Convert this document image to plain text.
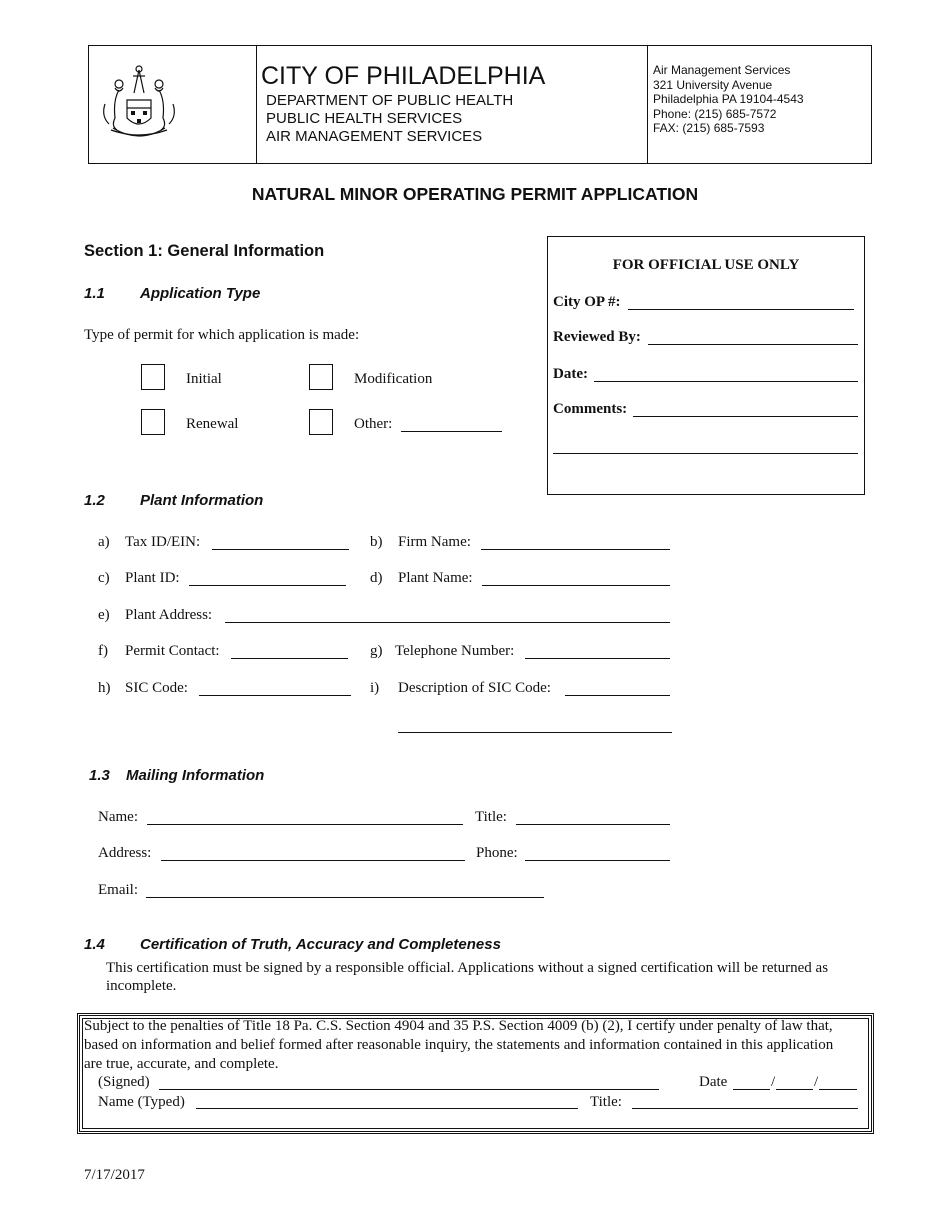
CITY OF PHILADELPHIA
DEPARTMENT OF PUBLIC HEALTH
PUBLIC HEALTH SERVICES
AIR MANAGEMENT SERVICES
Air Management Services
321 University Avenue
Philadelphia PA 19104-4543
Phone: (215) 685-7572
FAX: (215) 685-7593
NATURAL MINOR OPERATING PERMIT APPLICATION
Section 1: General Information
FOR OFFICIAL USE ONLY
City OP #:
Reviewed By:
Date:
Comments:
1.1 Application Type
Type of permit for which application is made:
Initial	Modification
Renewal	Other:
1.2 Plant Information
a) Tax ID/EIN:	b) Firm Name:
c) Plant ID:	d) Plant Name:
e) Plant Address:
f) Permit Contact:	g) Telephone Number:
h) SIC Code:	i) Description of SIC Code:
1.3 Mailing Information
Name:	Title:
Address:	Phone:
Email:
1.4 Certification of Truth, Accuracy and Completeness
This certification must be signed by a responsible official. Applications without a signed certification will be returned as
incomplete.
Subject to the penalties of Title 18 Pa. C.S. Section 4904 and 35 P.S. Section 4009 (b) (2), I certify under penalty of law that,
based on information and belief formed after reasonable inquiry, the statements and information contained in this application
are true, accurate, and complete.
(Signed)	Date	/	/
Name (Typed)	Title:
7/17/2017
